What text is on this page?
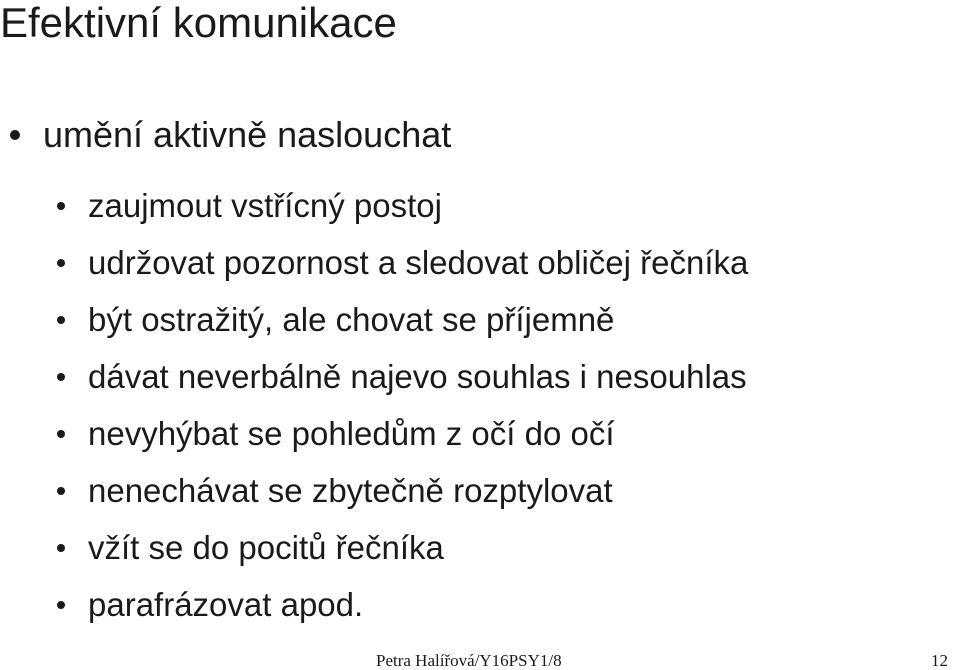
Efektivní komunikace
umění aktivně naslouchat
zaujmout vstřícný postoj
udržovat pozornost a sledovat obličej řečníka
být ostražitý, ale chovat se příjemně
dávat neverbálně najevo souhlas i nesouhlas
nevyhýbat se pohledům z očí do očí
nenechávat se zbytečně rozptylovat
vžít se do pocitů řečníka
parafrázovat apod.
Petra Halířová/Y16PSY1/8	12
